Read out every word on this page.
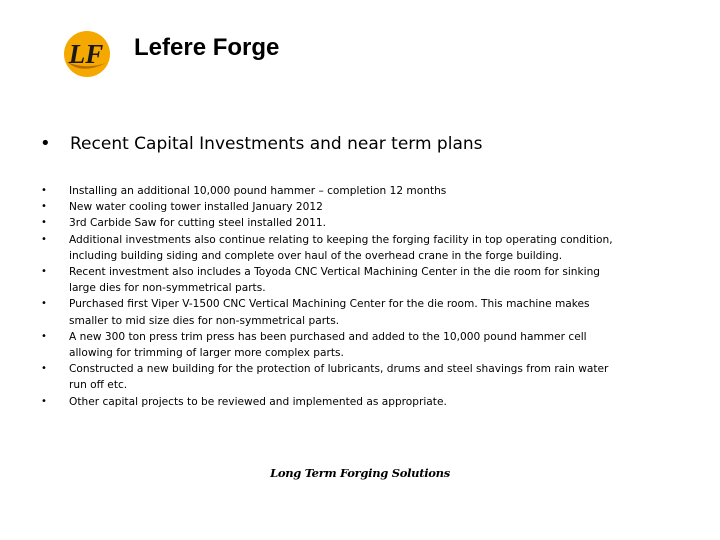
LF Lefere Forge
• Recent Capital Investments and near term plans
• Installing an additional 10,000 pound hammer – completion 12 months
• New water cooling tower installed January 2012
• 3rd Carbide Saw for cutting steel installed 2011.
• Additional investments also continue relating to keeping the forging facility in top operating condition,
including building siding and complete over haul of the overhead crane in the forge building.
• Recent investment also includes a Toyoda CNC Vertical Machining Center in the die room for sinking
large dies for non-symmetrical parts.
• Purchased first Viper V-1500 CNC Vertical Machining Center for the die room. This machine makes
smaller to mid size dies for non-symmetrical parts.
• A new 300 ton press trim press has been purchased and added to the 10,000 pound hammer cell
allowing for trimming of larger more complex parts.
• Constructed a new building for the protection of lubricants, drums and steel shavings from rain water
run off etc.
• Other capital projects to be reviewed and implemented as appropriate.
Long Term Forging Solutions
